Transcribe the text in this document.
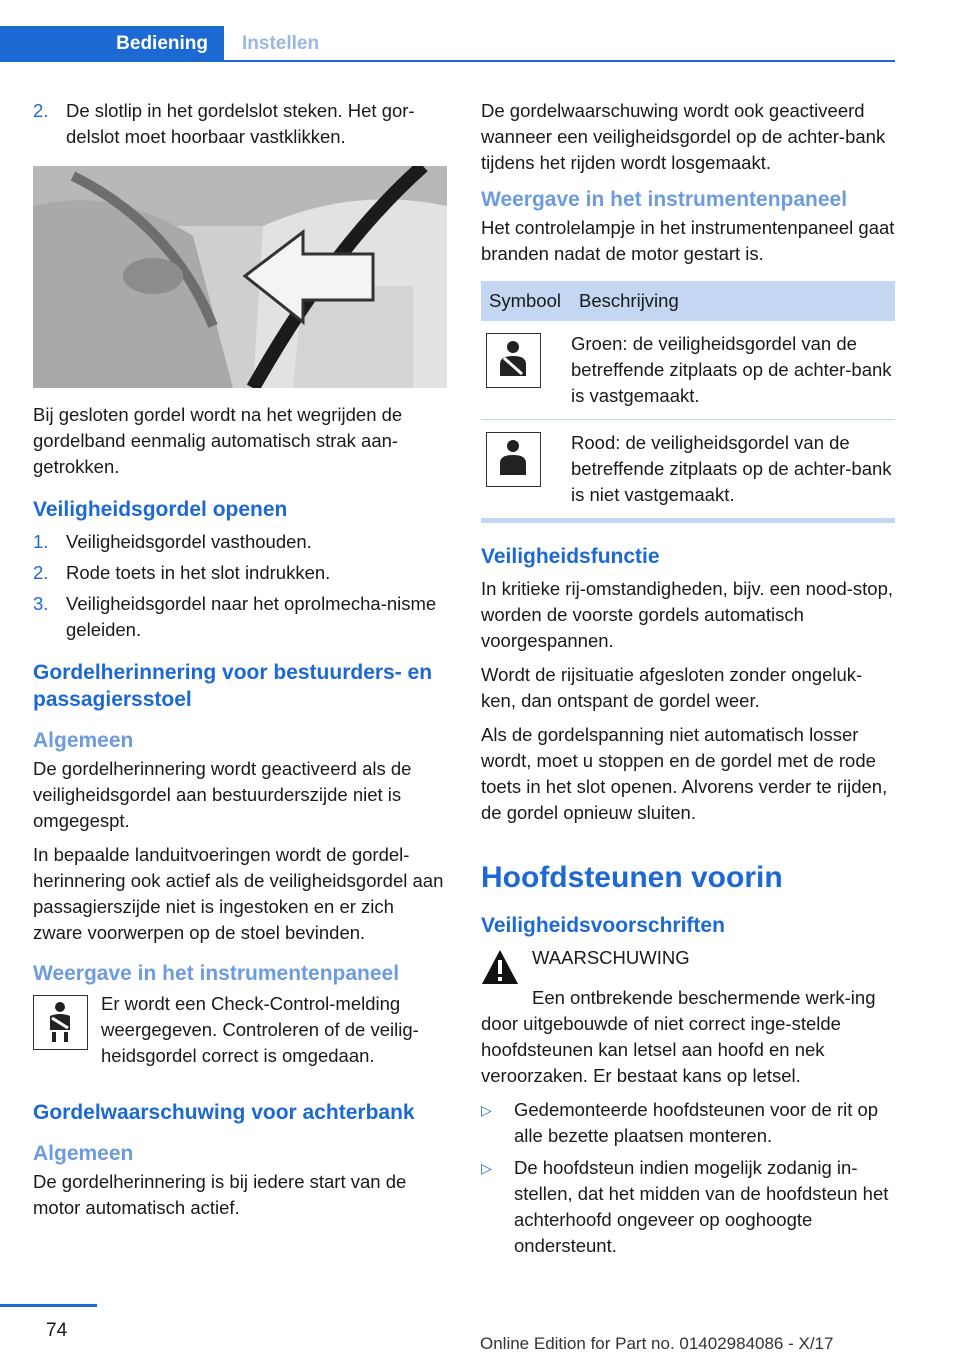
Bediening	Instellen
2. De slotlip in het gordelslot steken. Het gor‐delslot moet hoorbaar vastklikken.

Bij gesloten gordel wordt na het wegrijden de gordelband eenmalig automatisch strak aan‐getrokken.

Veiligheidsgordel openen
1. Veiligheidsgordel vasthouden.
2. Rode toets in het slot indrukken.
3. Veiligheidsgordel naar het oprolmecha‐nisme geleiden.
Gordelherinnering voor bestuurders- en passagiersstoel
Algemeen

De gordelherinnering wordt geactiveerd als de veiligheidsgordel aan bestuurderszijde niet is omgegespt.

In bepaalde landuitvoeringen wordt de gordel‐herinnering ook actief als de veiligheidsgordel aan passagierszijde niet is ingestoken en er zich zware voorwerpen op de stoel bevinden.

Weergave in het instrumentenpaneel

Er wordt een Check-Control-melding weergegeven. Controleren of de veilig‐heidsgordel correct is omgedaan.

Gordelwaarschuwing voor achterbank
Algemeen

De gordelherinnering is bij iedere start van de motor automatisch actief.

De gordelwaarschuwing wordt ook geactiveerd wanneer een veiligheidsgordel op de achter‐bank tijdens het rijden wordt losgemaakt.

Weergave in het instrumentenpaneel

Het controlelampje in het instrumentenpaneel gaat branden nadat de motor gestart is.

Symbool	Beschrijving

	Groen: de veiligheidsgordel van de betreffende zitplaats op de achter‐bank is vastgemaakt.

	Rood: de veiligheidsgordel van de betreffende zitplaats op de achter‐bank is niet vastgemaakt.
Veiligheidsfunctie

In kritieke rij-omstandigheden, bijv. een nood‐stop, worden de voorste gordels automatisch voorgespannen.

Wordt de rijsituatie afgesloten zonder ongeluk‐ken, dan ontspant de gordel weer.

Als de gordelspanning niet automatisch losser wordt, moet u stoppen en de gordel met de rode toets in het slot openen. Alvorens verder te rijden, de gordel opnieuw sluiten.

Hoofdsteunen voorin
Veiligheidsvoorschriften
WAARSCHUWING

Een ontbrekende beschermende werk‐ing door uitgebouwde of niet correct inge‐stelde hoofdsteunen kan letsel aan hoofd en nek veroorzaken. Er bestaat kans op letsel.

▷ Gedemonteerde hoofdsteunen voor de rit op alle bezette plaatsen monteren.
▷ De hoofdsteun indien mogelijk zodanig in‐stellen, dat het midden van de hoofdsteun het achterhoofd ongeveer op ooghoogte ondersteunt.
74
Online Edition for Part no. 01402984086 - X/17
